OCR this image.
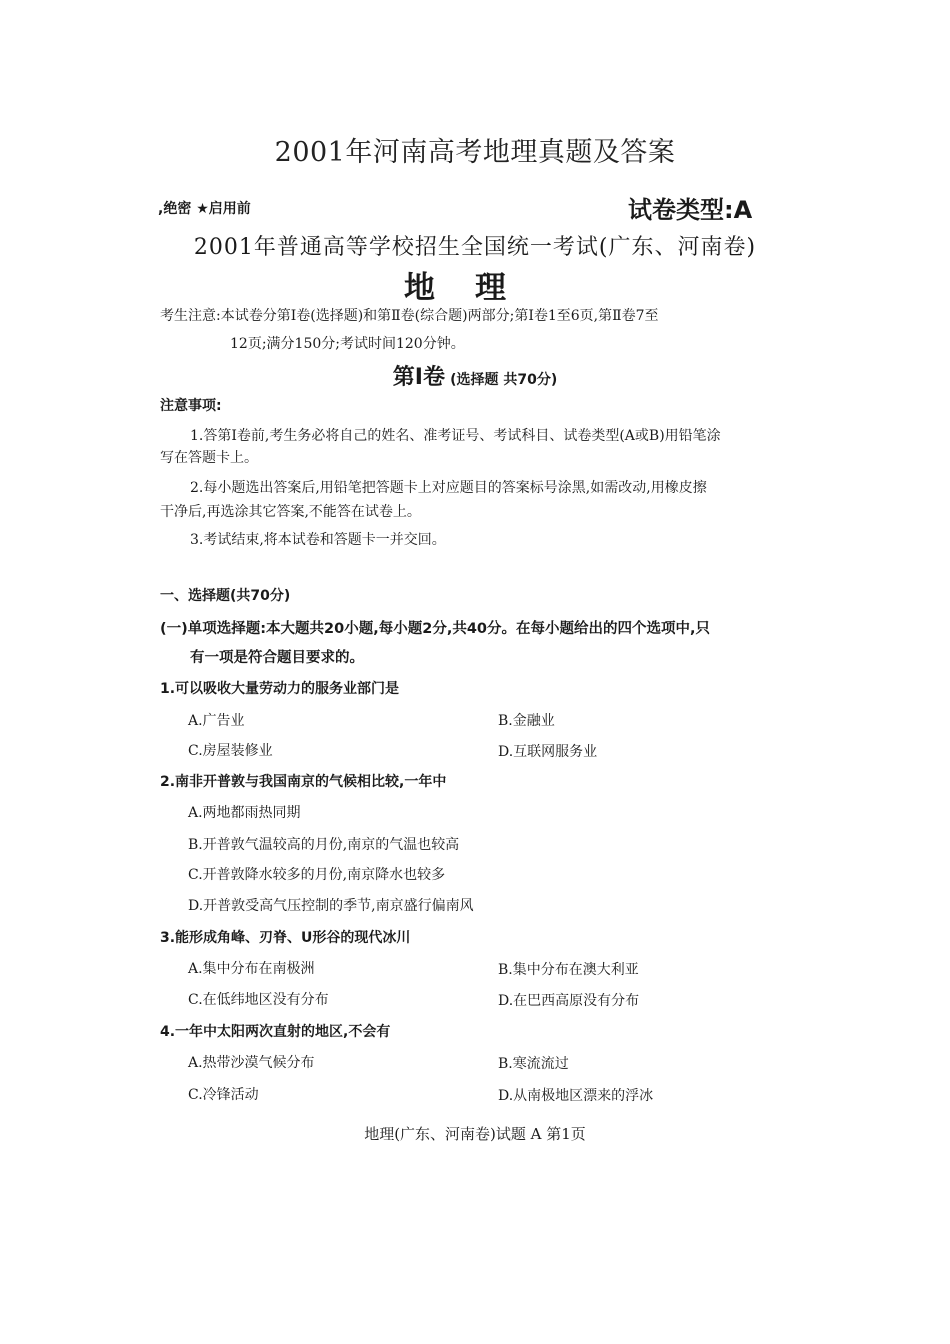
2001年河南高考地理真题及答案
,绝密 ★启用前	试卷类型:A
2001年普通高等学校招生全国统一考试(广东、河南卷)
地理
考生注意:本试卷分第Ⅰ卷(选择题)和第Ⅱ卷(综合题)两部分;第Ⅰ卷1至6页,第Ⅱ卷7至
12页;满分150分;考试时间120分钟。
第Ⅰ卷 (选择题 共70分)
注意事项:
1.答第Ⅰ卷前,考生务必将自己的姓名、准考证号、考试科目、试卷类型(A或B)用铅笔涂
写在答题卡上。
2.每小题选出答案后,用铅笔把答题卡上对应题目的答案标号涂黑,如需改动,用橡皮擦
干净后,再选涂其它答案,不能答在试卷上。
3.考试结束,将本试卷和答题卡一并交回。
一、选择题(共70分)
(一)单项选择题:本大题共20小题,每小题2分,共40分。在每小题给出的四个选项中,只
有一项是符合题目要求的。
1.可以吸收大量劳动力的服务业部门是
A.广告业	B.金融业
C.房屋装修业	D.互联网服务业
2.南非开普敦与我国南京的气候相比较,一年中
A.两地都雨热同期
B.开普敦气温较高的月份,南京的气温也较高
C.开普敦降水较多的月份,南京降水也较多
D.开普敦受高气压控制的季节,南京盛行偏南风
3.能形成角峰、刃脊、U形谷的现代冰川
A.集中分布在南极洲	B.集中分布在澳大利亚
C.在低纬地区没有分布	D.在巴西高原没有分布
4.一年中太阳两次直射的地区,不会有
A.热带沙漠气候分布	B.寒流流过
C.冷锋活动	D.从南极地区漂来的浮冰
地理(广东、河南卷)试题 A 第1页
